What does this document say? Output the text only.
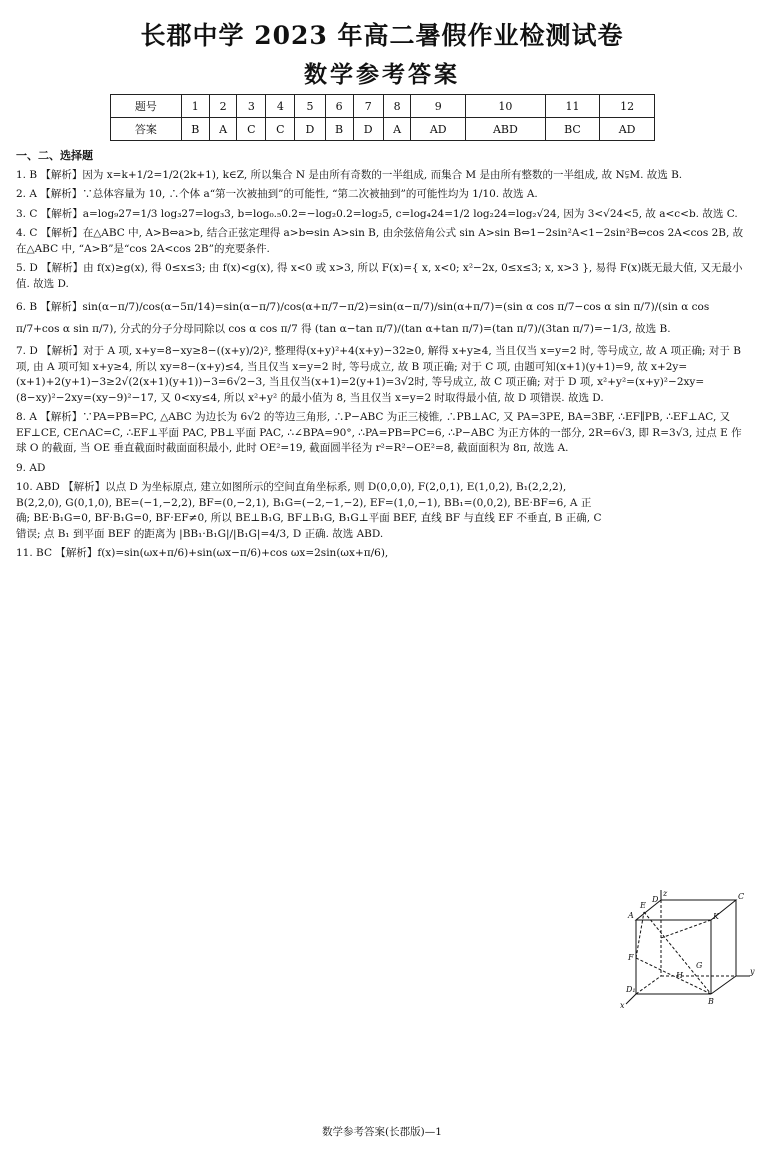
长郡中学 2023 年高二暑假作业检测试卷
数学参考答案
题号	1	2	3	4	5	6	7	8	9	10	11	12
答案	B	A	C	C	D	B	D	A	AD	ABD	BC	AD

一、二、选择题

1. B 【解析】因为 x=k+1/2=1/2(2k+1), k∈Z, 所以集合 N 是由所有奇数的一半组成, 而集合 M 是由所有整数的一半组成, 故 N⫋M. 故选 B.

2. A 【解析】∵总体容量为 10, ∴个体 a“第一次被抽到”的可能性, “第二次被抽到”的可能性均为 1/10. 故选 A.

3. C 【解析】a=log₉27=1/3 log₃27=log₃3, b=log₀.₅0.2=−log₂0.2=log₂5, c=log₄24=1/2 log₂24=log₂√24, 因为 3<√24<5, 故 a<c<b. 故选 C.

4. C 【解析】在△ABC 中, A>B⇔a>b, 结合正弦定理得 a>b⇔sin A>sin B, 由余弦倍角公式 sin A>sin B⇔1−2sin²A<1−2sin²B⇔cos 2A<cos 2B, 故在△ABC 中, “A>B”是“cos 2A<cos 2B”的充要条件.

5. D 【解析】由 f(x)≥g(x), 得 0≤x≤3; 由 f(x)<g(x), 得 x<0 或 x>3, 所以 F(x)={ x, x<0; x²−2x, 0≤x≤3; x, x>3 }, 易得 F(x)既无最大值, 又无最小值. 故选 D.

6. B 【解析】sin(α−π/7)/cos(α−5π/14)=sin(α−π/7)/cos(α+π/7−π/2)=sin(α−π/7)/sin(α+π/7)=(sin α cos π/7−cos α sin π/7)/(sin α cos π/7+cos α sin π/7), 分式的分子分母同除以 cos α cos π/7 得 (tan α−tan π/7)/(tan α+tan π/7)=(tan π/7)/(3tan π/7)=−1/3, 故选 B.

7. D 【解析】对于 A 项, x+y=8−xy≥8−((x+y)/2)², 整理得(x+y)²+4(x+y)−32≥0, 解得 x+y≥4, 当且仅当 x=y=2 时, 等号成立, 故 A 项正确; 对于 B 项, 由 A 项可知 x+y≥4, 所以 xy=8−(x+y)≤4, 当且仅当 x=y=2 时, 等号成立, 故 B 项正确; 对于 C 项, 由题可知(x+1)(y+1)=9, 故 x+2y=(x+1)+2(y+1)−3≥2√(2(x+1)(y+1))−3=6√2−3, 当且仅当(x+1)=2(y+1)=3√2时, 等号成立, 故 C 项正确; 对于 D 项, x²+y²=(x+y)²−2xy=(8−xy)²−2xy=(xy−9)²−17, 又 0<xy≤4, 所以 x²+y² 的最小值为 8, 当且仅当 x=y=2 时取得最小值, 故 D 项错误. 故选 D.

8. A 【解析】∵PA=PB=PC, △ABC 为边长为 6√2 的等边三角形, ∴P−ABC 为正三棱锥, ∴PB⊥AC, 又 PA=3PE, BA=3BF, ∴EF∥PB, ∴EF⊥AC, 又 EF⊥CE, CE∩AC=C, ∴EF⊥平面 PAC, PB⊥平面 PAC, ∴∠BPA=90°, ∴PA=PB=PC=6, ∴P−ABC 为正方体的一部分, 2R=6√3, 即 R=3√3, 过点 E 作球 O 的截面, 当 OE 垂直截面时截面面积最小, 此时 OE²=19, 截面圆半径为 r²=R²−OE²=8, 截面面积为 8π, 故选 A.

9. AD

10. ABD 【解析】以点 D 为坐标原点, 建立如图所示的空间直角坐标系, 则 D(0,0,0), F(2,0,1), E(1,0,2), B₁(2,2,2), B(2,2,0), G(0,1,0), BE=(−1,−2,2), BF=(0,−2,1), B₁G=(−2,−1,−2), EF=(1,0,−1), BB₁=(0,0,2), BE·BF=6, A 正确; BE·B₁G=0, BF·B₁G=0, BF·EF≠0, 所以 BE⊥B₁G, BF⊥B₁G, B₁G⊥平面 BEF, 直线 BF 与直线 EF 不垂直, B 正确, C 错误; 点 B₁ 到平面 BEF 的距离为 |BB₁·B₁G|/|B₁G|=4/3, D 正确. 故选 ABD.

11. BC 【解析】f(x)=sin(ωx+π/6)+sin(ωx−π/6)+cos ωx=2sin(ωx+π/6),

z
D	C
A	K
E
F
G
H
D₁
x	B
y
数学参考答案(长郡版)—1
